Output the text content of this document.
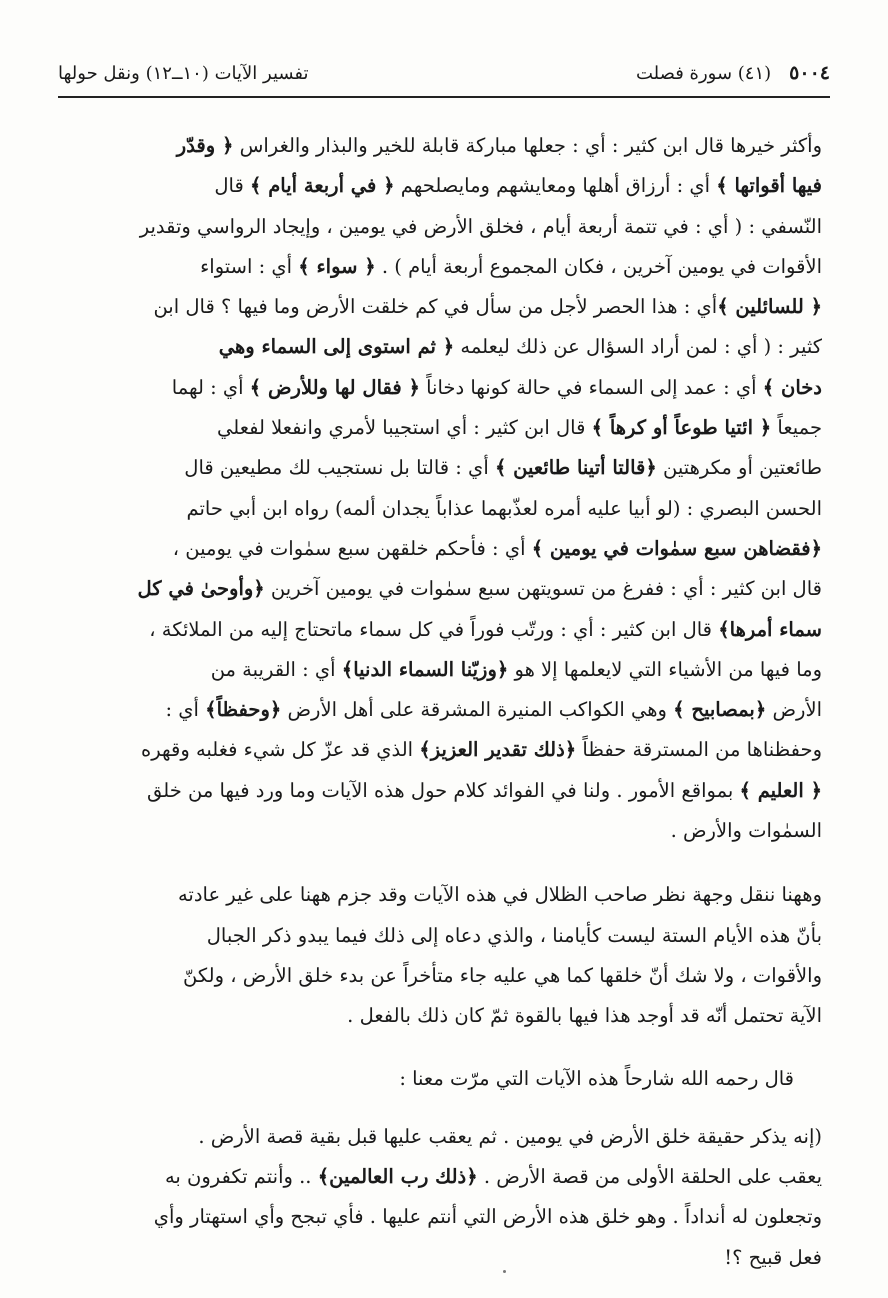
٥٠٠٤
(٤١) سورة فصلت
تفسير الآيات (١٠ــ١٢) ونقل حولها
وأكثر خيرها قال ابن كثير : أي : جعلها مباركة قابلة للخير والبذار والغراس ﴿ وقدّر
فيها أقواتها ﴾ أي : أرزاق أهلها ومعايشهم ومايصلحهم ﴿ في أربعة أيام ﴾ قال
النّسفي : ( أي : في تتمة أربعة أيام ، فخلق الأرض في يومين ، وإيجاد الرواسي وتقدير
الأقوات في يومين آخرين ، فكان المجموع أربعة أيام ) . ﴿ سواء ﴾ أي : استواء
﴿ للسائلين ﴾أي : هذا الحصر لأجل من سأل في كم خلقت الأرض وما فيها ؟ قال ابن
كثير : ( أي : لمن أراد السؤال عن ذلك ليعلمه ﴿ ثم استوى إلى السماء وهي
دخان ﴾ أي : عمد إلى السماء في حالة كونها دخاناً ﴿ فقال لها وللأرض ﴾ أي : لهما
جميعاً ﴿ ائتيا طوعاً أو كرهاً ﴾ قال ابن كثير : أي استجيبا لأمري وانفعلا لفعلي
طائعتين أو مكرهتين ﴿قالتا أتينا طائعين ﴾ أي : قالتا بل نستجيب لك مطيعين قال
الحسن البصري : (لو أبيا عليه أمره لعذّبهما عذاباً يجدان ألمه) رواه ابن أبي حاتم
﴿فقضاهن سبع سمٰوات في يومين ﴾ أي : فأحكم خلقهن سبع سمٰوات في يومين ،
قال ابن كثير : أي : ففرغ من تسويتهن سبع سمٰوات في يومين آخرين ﴿وأوحىٰ في كل
سماء أمرها﴾ قال ابن كثير : أي : ورتّب فوراً في كل سماء ماتحتاج إليه من الملائكة ،
وما فيها من الأشياء التي لايعلمها إلا هو ﴿وزيّنا السماء الدنيا﴾ أي : القريبة من
الأرض ﴿بمصابيح ﴾ وهي الكواكب المنيرة المشرقة على أهل الأرض ﴿وحفظاً﴾ أي :
وحفظناها من المسترقة حفظاً ﴿ذلك تقدير العزيز﴾ الذي قد عزّ كل شيء فغلبه وقهره
﴿ العليم ﴾ بمواقع الأمور . ولنا في الفوائد كلام حول هذه الآيات وما ورد فيها من خلق
السمٰوات والأرض .
وههنا ننقل وجهة نظر صاحب الظلال في هذه الآيات وقد جزم ههنا على غير عادته
بأنّ هذه الأيام الستة ليست كأيامنا ، والذي دعاه إلى ذلك فيما يبدو ذكر الجبال
والأقوات ، ولا شك أنّ خلقها كما هي عليه جاء متأخراً عن بدء خلق الأرض ، ولكنّ
الآية تحتمل أنّه قد أوجد هذا فيها بالقوة ثمّ كان ذلك بالفعل .
قال رحمه الله شارحاً هذه الآيات التي مرّت معنا :
(إنه يذكر حقيقة خلق الأرض في يومين . ثم يعقب عليها قبل بقية قصة الأرض .
يعقب على الحلقة الأولى من قصة الأرض . ﴿ذلك رب العالمين﴾ .. وأنتم تكفرون به
وتجعلون له أنداداً . وهو خلق هذه الأرض التي أنتم عليها . فأي تبجح وأي استهتار وأي
فعل قبيح ؟!
